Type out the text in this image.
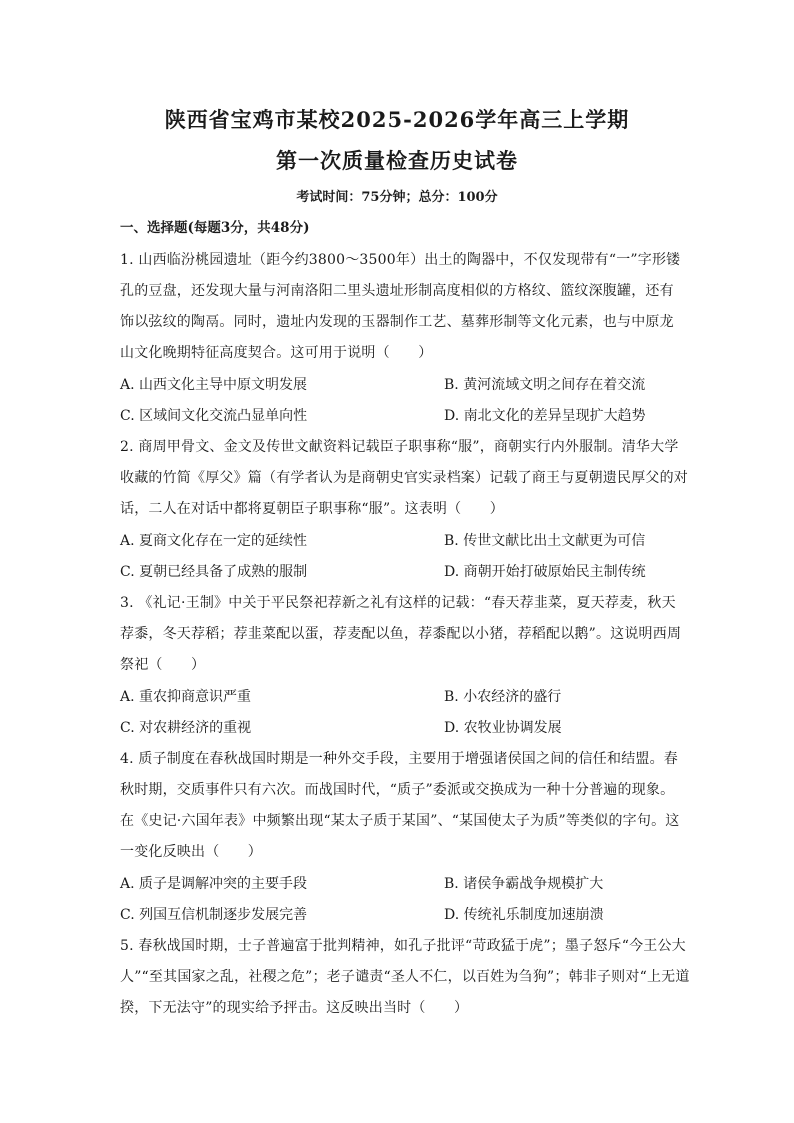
陕西省宝鸡市某校2025-2026学年高三上学期
第一次质量检查历史试卷
考试时间：75分钟；总分：100分
一、选择题(每题3分，共48分)
1. 山西临汾桃园遗址（距今约3800～3500年）出土的陶器中，不仅发现带有“一”字形镂
孔的豆盘，还发现大量与河南洛阳二里头遗址形制高度相似的方格纹、篮纹深腹罐，还有
饰以弦纹的陶鬲。同时，遗址内发现的玉器制作工艺、墓葬形制等文化元素，也与中原龙
山文化晚期特征高度契合。这可用于说明（　　）
A. 山西文化主导中原文明发展	B. 黄河流域文明之间存在着交流
C. 区域间文化交流凸显单向性	D. 南北文化的差异呈现扩大趋势
2. 商周甲骨文、金文及传世文献资料记载臣子职事称“服”，商朝实行内外服制。清华大学
收藏的竹简《厚父》篇（有学者认为是商朝史官实录档案）记载了商王与夏朝遗民厚父的对
话，二人在对话中都将夏朝臣子职事称“服”。这表明（　　）
A. 夏商文化存在一定的延续性	B. 传世文献比出土文献更为可信
C. 夏朝已经具备了成熟的服制	D. 商朝开始打破原始民主制传统
3. 《礼记·王制》中关于平民祭祀荐新之礼有这样的记载：“春天荐韭菜，夏天荐麦，秋天
荐黍，冬天荐稻；荐韭菜配以蛋，荐麦配以鱼，荐黍配以小猪，荐稻配以鹅”。这说明西周
祭祀（　　）
A. 重农抑商意识严重	B. 小农经济的盛行
C. 对农耕经济的重视	D. 农牧业协调发展
4. 质子制度在春秋战国时期是一种外交手段，主要用于增强诸侯国之间的信任和结盟。春
秋时期，交质事件只有六次。而战国时代，“质子”委派或交换成为一种十分普遍的现象。
在《史记·六国年表》中频繁出现“某太子质于某国”、“某国使太子为质”等类似的字句。这
一变化反映出（　　）
A. 质子是调解冲突的主要手段	B. 诸侯争霸战争规模扩大
C. 列国互信机制逐步发展完善	D. 传统礼乐制度加速崩溃
5. 春秋战国时期，士子普遍富于批判精神，如孔子批评“苛政猛于虎”；墨子怒斥“今王公大
人”“至其国家之乱，社稷之危”；老子谴责“圣人不仁，以百姓为刍狗”；韩非子则对“上无道
揆，下无法守”的现实给予抨击。这反映出当时（　　）
